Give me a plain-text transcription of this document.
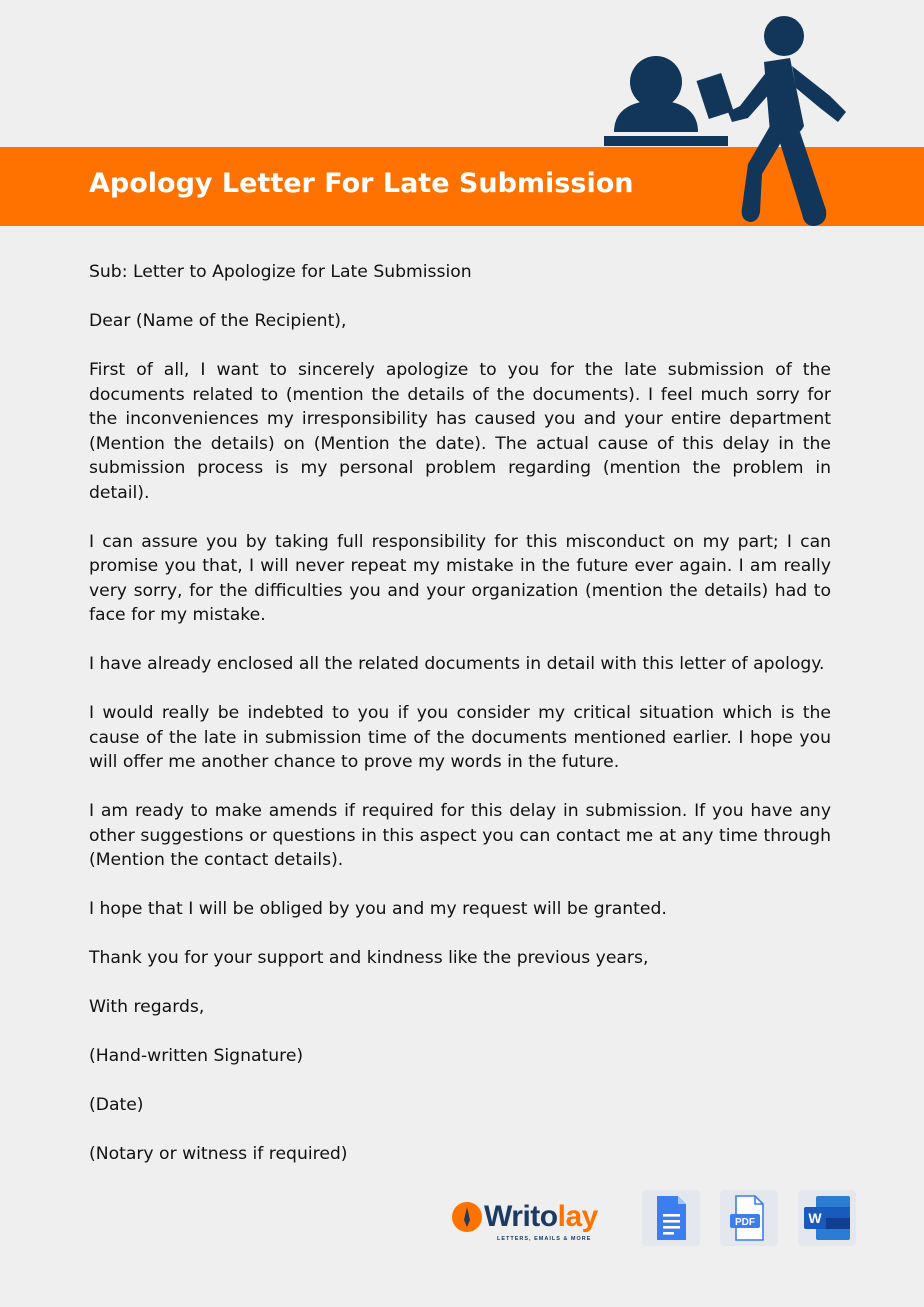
Apology Letter For Late Submission

Sub: Letter to Apologize for Late Submission

Dear (Name of the Recipient),

First of all, I want to sincerely apologize to you for the late submission of the documents related to (mention the details of the documents). I feel much sorry for the inconveniences my irresponsibility has caused you and your entire department (Mention the details) on (Mention the date). The actual cause of this delay in the submission process is my personal problem regarding (mention the problem in detail).

I can assure you by taking full responsibility for this misconduct on my part; I can promise you that, I will never repeat my mistake in the future ever again. I am really very sorry, for the difficulties you and your organization (mention the details) had to face for my mistake.

I have already enclosed all the related documents in detail with this letter of apology.

I would really be indebted to you if you consider my critical situation which is the cause of the late in submission time of the documents mentioned earlier. I hope you will offer me another chance to prove my words in the future.

I am ready to make amends if required for this delay in submission. If you have any other suggestions or questions in this aspect you can contact me at any time through (Mention the contact details).

I hope that I will be obliged by you and my request will be granted.

Thank you for your support and kindness like the previous years,

With regards,

(Hand-written Signature)

(Date)

(Notary or witness if required)

Writolay
LETTERS, EMAILS & MORE
PDF	W
